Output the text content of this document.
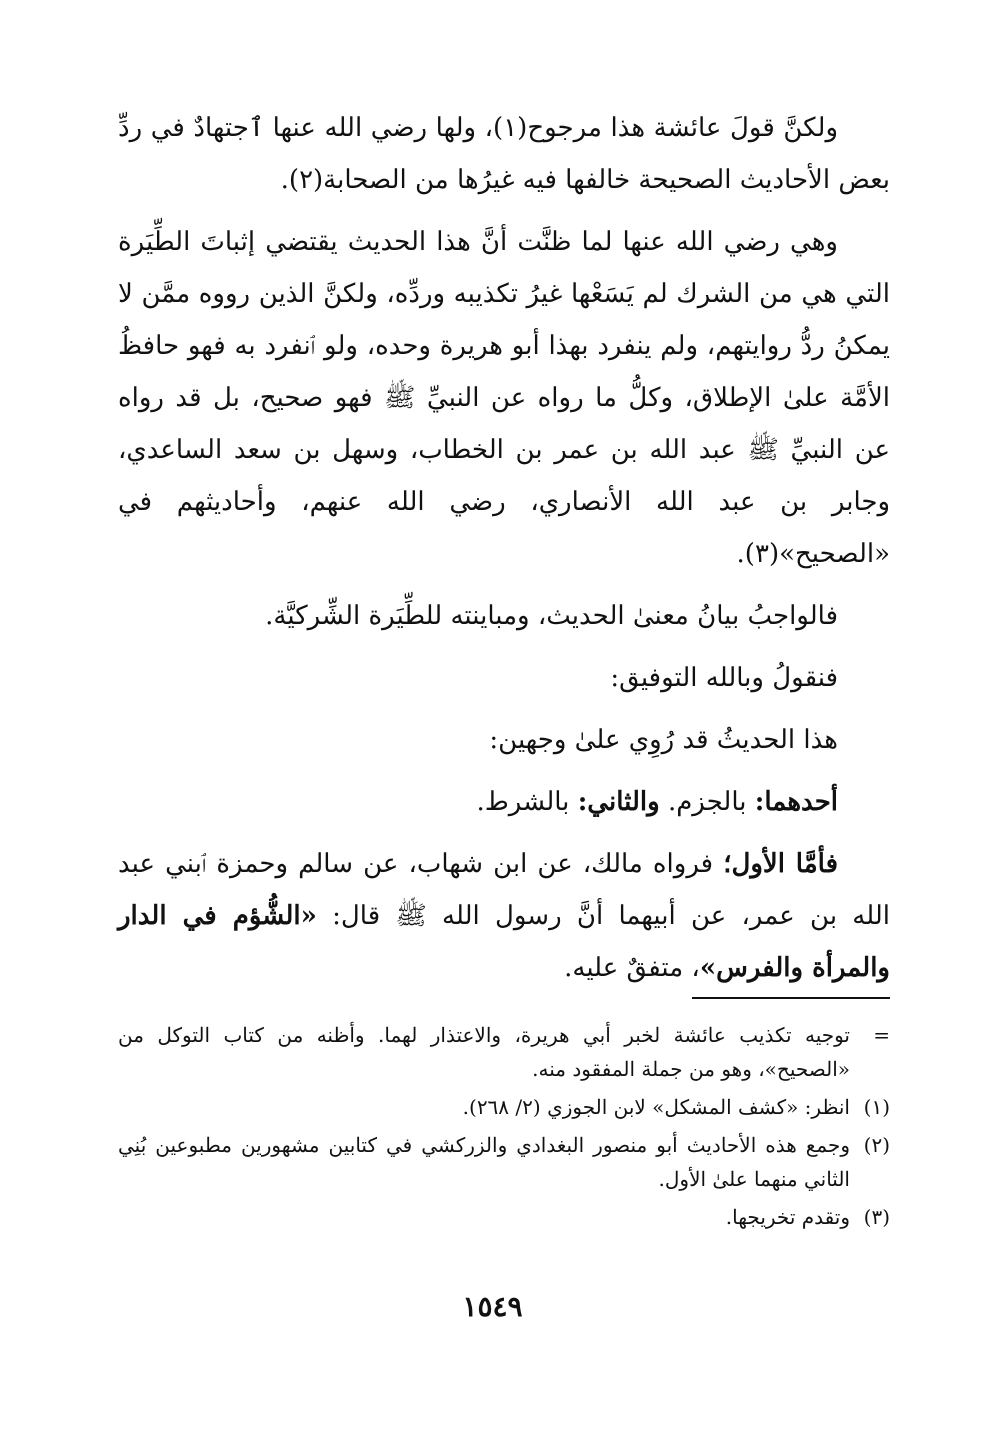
ولكنَّ قولَ عائشة هذا مرجوح(١)، ولها رضي الله عنها ٱجتهادٌ في ردِّ بعض الأحاديث الصحيحة خالفها فيه غيرُها من الصحابة(٢).

وهي رضي الله عنها لما ظنَّت أنَّ هذا الحديث يقتضي إثباتَ الطِّيَرة التي هي من الشرك لم يَسَعْها غيرُ تكذيبه وردِّه، ولكنَّ الذين رووه ممَّن لا يمكنُ ردُّ روايتهم، ولم ينفرد بهذا أبو هريرة وحده، ولو ٱنفرد به فهو حافظُ الأمَّة علىٰ الإطلاق، وكلُّ ما رواه عن النبيِّ ﷺ فهو صحيح، بل قد رواه عن النبيِّ ﷺ عبد الله بن عمر بن الخطاب، وسهل بن سعد الساعدي، وجابر بن عبد الله الأنصاري، رضي الله عنهم، وأحاديثهم في «الصحيح»(٣).

فالواجبُ بيانُ معنىٰ الحديث، ومباينته للطِّيَرة الشِّركيَّة.

فنقولُ وبالله التوفيق:

هذا الحديثُ قد رُوِي علىٰ وجهين:

أحدهما: بالجزم. والثاني: بالشرط.

فأمَّا الأول؛ فرواه مالك، عن ابن شهاب، عن سالم وحمزة ٱبني عبد الله بن عمر، عن أبيهما أنَّ رسول الله ﷺ قال: «الشُّؤم في الدار والمرأة والفرس»، متفقٌ عليه.

=
توجيه تكذيب عائشة لخبر أبي هريرة، والاعتذار لهما. وأظنه من كتاب التوكل من «الصحيح»، وهو من جملة المفقود منه.
(١)
انظر: «كشف المشكل» لابن الجوزي (٢/ ٢٦٨).
(٢)
وجمع هذه الأحاديث أبو منصور البغدادي والزركشي في كتابين مشهورين مطبوعين بُنِي الثاني منهما علىٰ الأول.
(٣)
وتقدم تخريجها.
١٥٤٩
